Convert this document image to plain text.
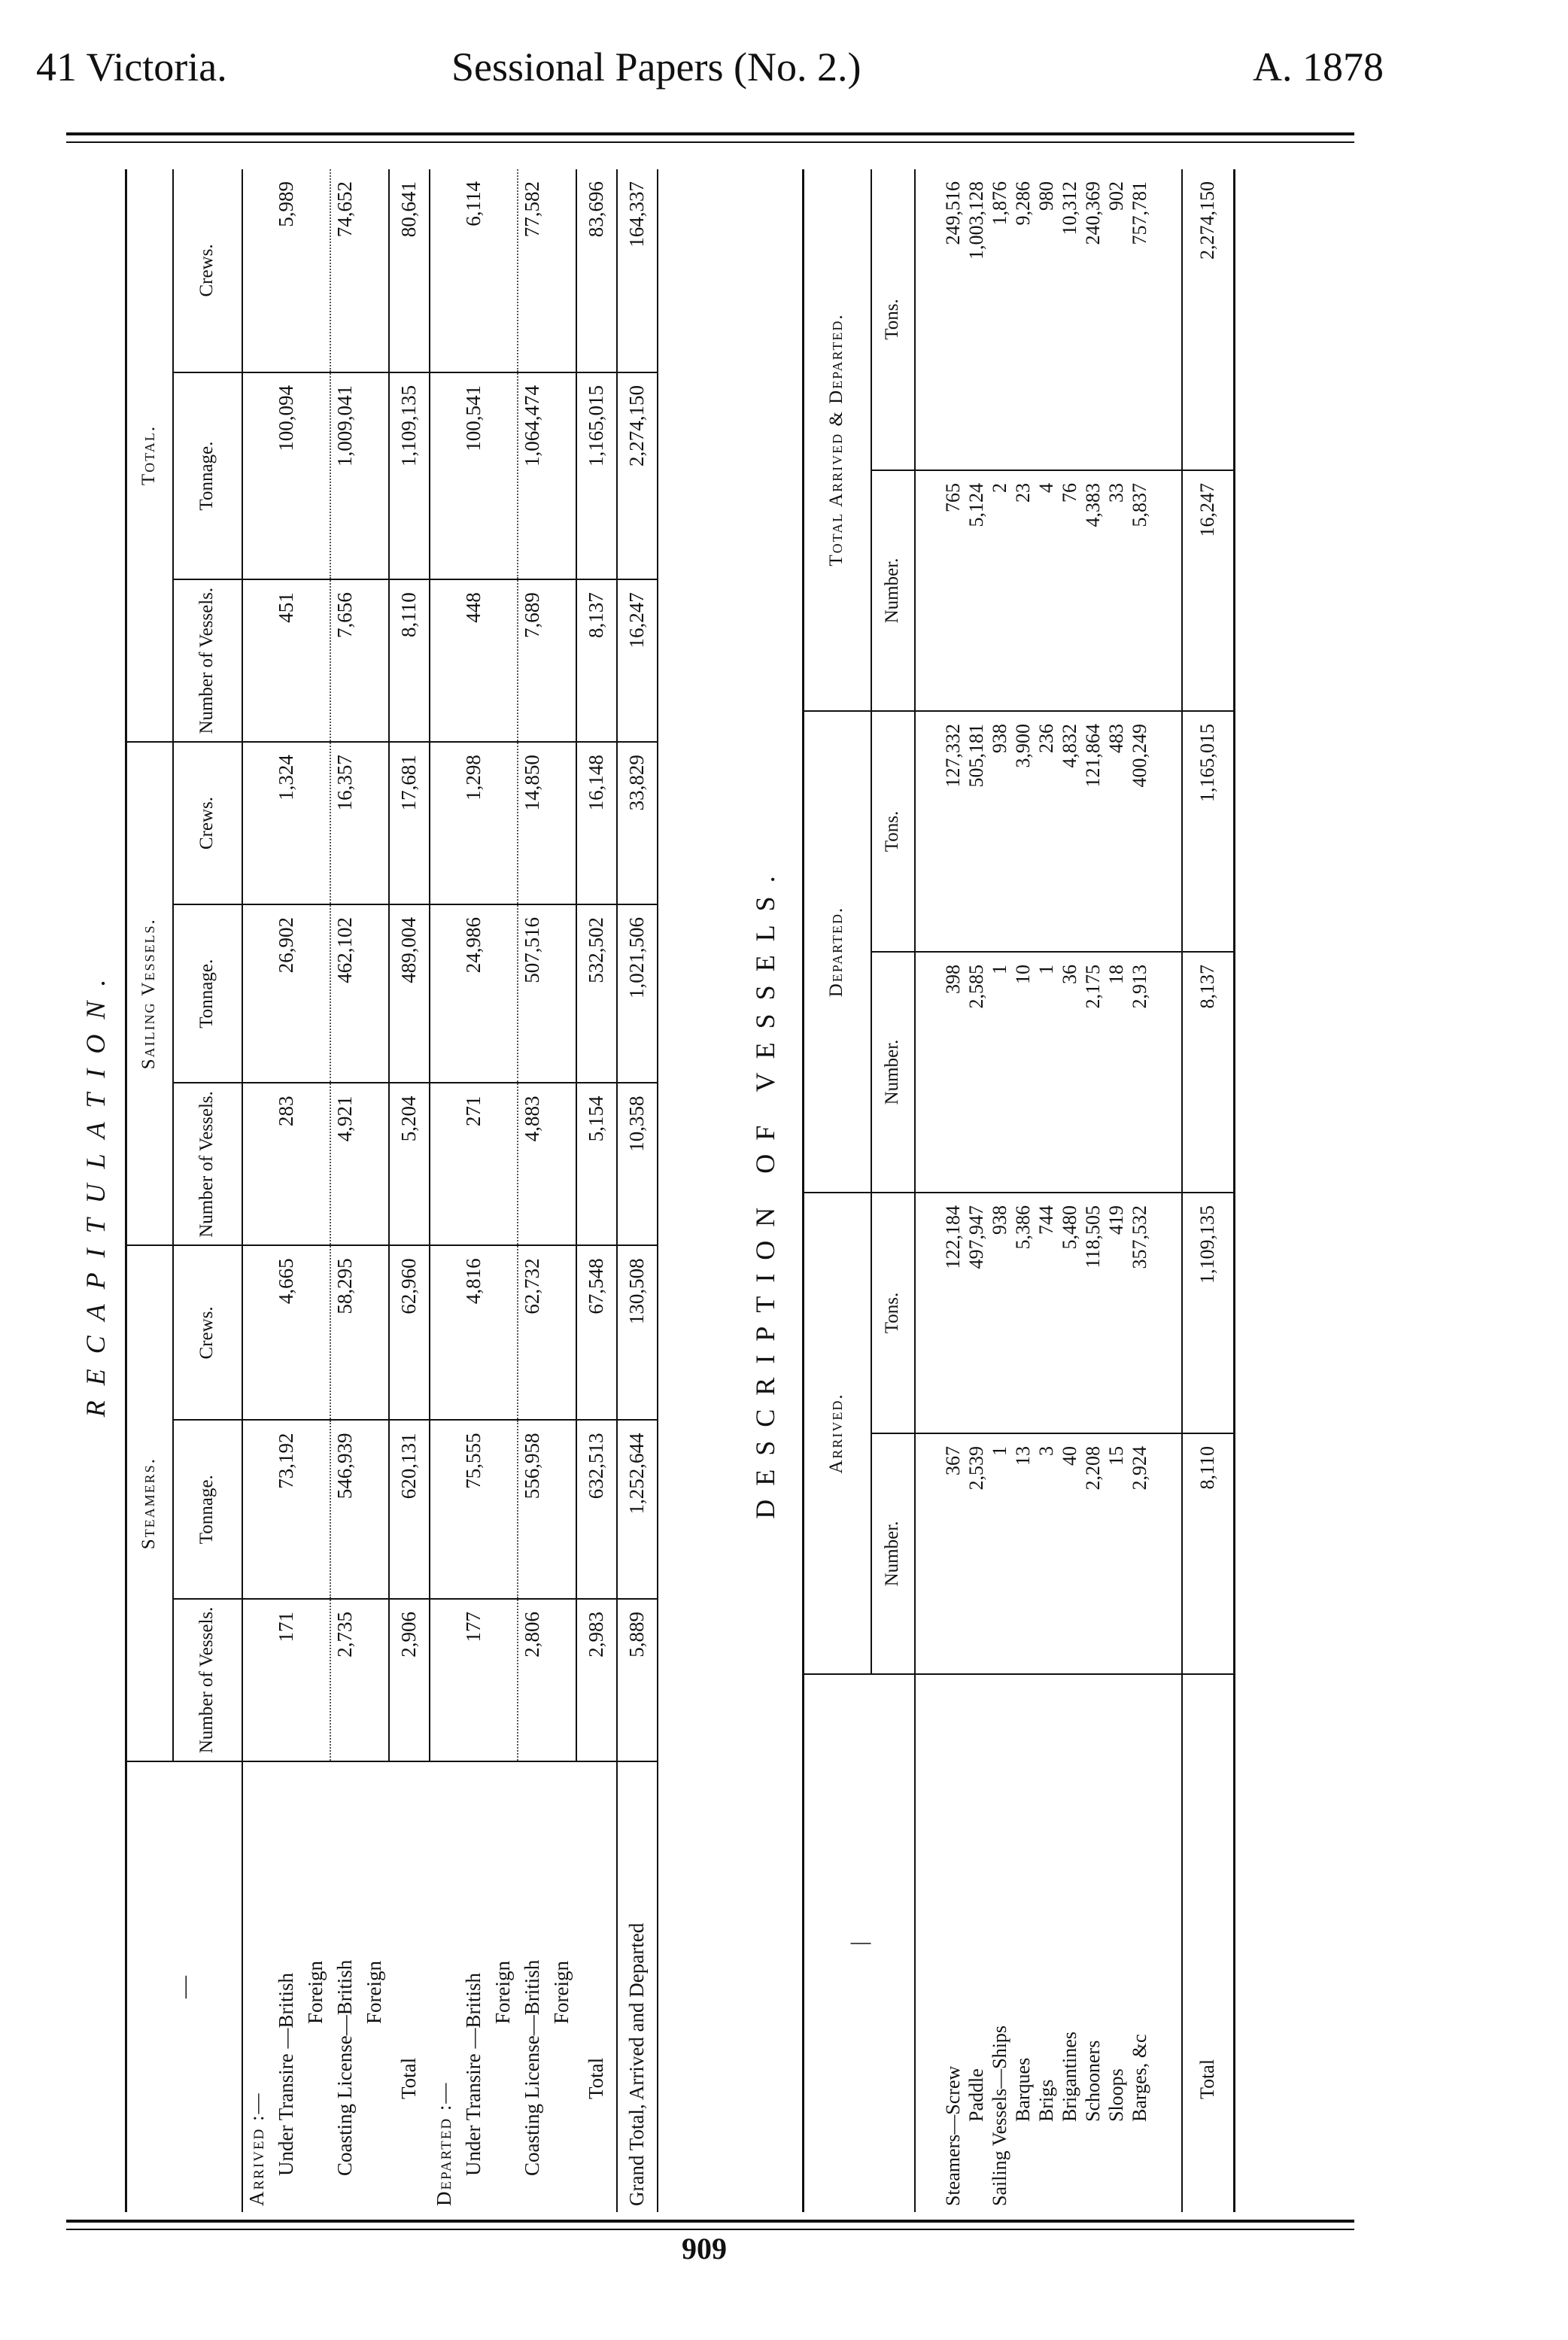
41 Victoria.	Sessional Papers (No. 2.)	A. 1878
RECAPITULATION.
—	Steamers.			Sailing Vessels.			Total.		
	Number of Vessels.	Tonnage.	Crews.	Number of Vessels.	Tonnage.	Crews.	Number of Vessels.	Tonnage.	Crews.
Arrived :—									
Under Transire —British	171	73,192	4,665	283	26,902	1,324	451	100,094	5,989
Foreign									
Coasting License—British	2,735	546,939	58,295	4,921	462,102	16,357	7,656	1,009,041	74,652
Foreign									
Total	2,906	620,131	62,960	5,204	489,004	17,681	8,110	1,109,135	80,641
Departed :—									
Under Transire —British	177	75,555	4,816	271	24,986	1,298	448	100,541	6,114
Foreign									
Coasting License—British	2,806	556,958	62,732	4,883	507,516	14,850	7,689	1,064,474	77,582
Foreign									
Total	2,983	632,513	67,548	5,154	532,502	16,148	8,137	1,165,015	83,696
Grand Total, Arrived and Departed	5,889	1,252,644	130,508	10,358	1,021,506	33,829	16,247	2,274,150	164,337
DESCRIPTION OF VESSELS.
|	Arrived.		Departed.		Total Arrived & Departed.	
	Number.	Tons.	Number.	Tons.	Number.	Tons.

Steamers—Screw	367	122,184	398	127,332	765	249,516
Paddle	2,539	497,947	2,585	505,181	5,124	1,003,128
Sailing Vessels—Ships	1	938	1	938	2	1,876
Barques	13	5,386	10	3,900	23	9,286
Brigs	3	744	1	236	4	980
Brigantines	40	5,480	36	4,832	76	10,312
Schooners	2,208	118,505	2,175	121,864	4,383	240,369
Sloops	15	419	18	483	33	902
Barges, &c	2,924	357,532	2,913	400,249	5,837	757,781

Total	8,110	1,109,135	8,137	1,165,015	16,247	2,274,150
909
